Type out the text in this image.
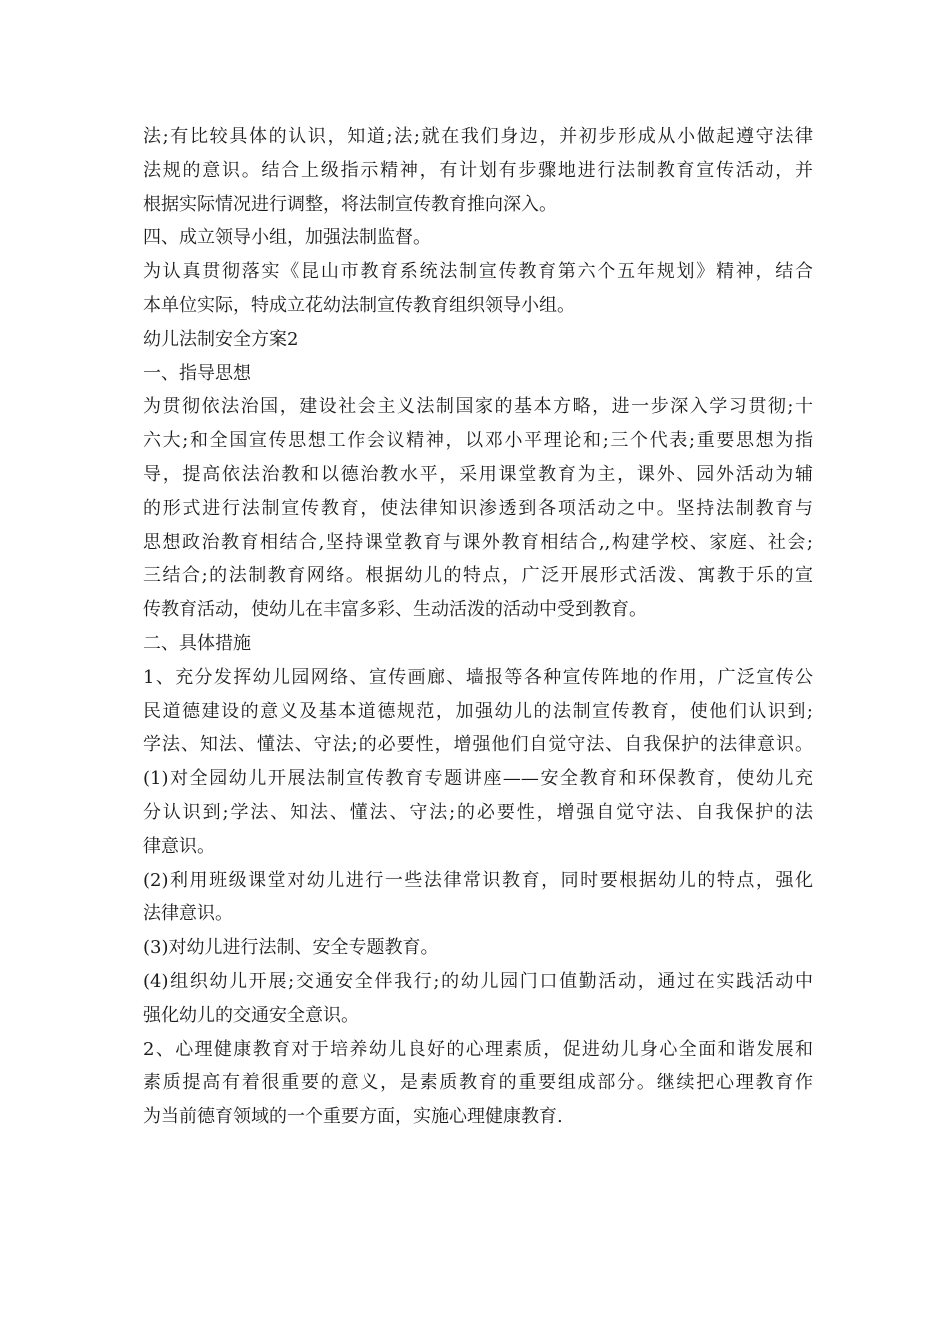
法;有比较具体的认识，知道;法;就在我们身边，并初步形成从小做起遵守法律
法规的意识。结合上级指示精神，有计划有步骤地进行法制教育宣传活动，并
根据实际情况进行调整，将法制宣传教育推向深入。
四、成立领导小组，加强法制监督。
为认真贯彻落实《昆山市教育系统法制宣传教育第六个五年规划》精神，结合
本单位实际，特成立花幼法制宣传教育组织领导小组。
幼儿法制安全方案2
一、指导思想
为贯彻依法治国，建设社会主义法制国家的基本方略，进一步深入学习贯彻;十
六大;和全国宣传思想工作会议精神，以邓小平理论和;三个代表;重要思想为指
导，提高依法治教和以德治教水平，采用课堂教育为主，课外、园外活动为辅
的形式进行法制宣传教育，使法律知识渗透到各项活动之中。坚持法制教育与
思想政治教育相结合,坚持课堂教育与课外教育相结合,,构建学校、家庭、社会;
三结合;的法制教育网络。根据幼儿的特点，广泛开展形式活泼、寓教于乐的宣
传教育活动，使幼儿在丰富多彩、生动活泼的活动中受到教育。
二、具体措施
1、充分发挥幼儿园网络、宣传画廊、墙报等各种宣传阵地的作用，广泛宣传公
民道德建设的意义及基本道德规范，加强幼儿的法制宣传教育，使他们认识到;
学法、知法、懂法、守法;的必要性，增强他们自觉守法、自我保护的法律意识。
(1)对全园幼儿开展法制宣传教育专题讲座——安全教育和环保教育，使幼儿充
分认识到;学法、知法、懂法、守法;的必要性，增强自觉守法、自我保护的法
律意识。
(2)利用班级课堂对幼儿进行一些法律常识教育，同时要根据幼儿的特点，强化
法律意识。
(3)对幼儿进行法制、安全专题教育。
(4)组织幼儿开展;交通安全伴我行;的幼儿园门口值勤活动，通过在实践活动中
强化幼儿的交通安全意识。
2、心理健康教育对于培养幼儿良好的心理素质，促进幼儿身心全面和谐发展和
素质提高有着很重要的意义，是素质教育的重要组成部分。继续把心理教育作
为当前德育领域的一个重要方面，实施心理健康教育.
